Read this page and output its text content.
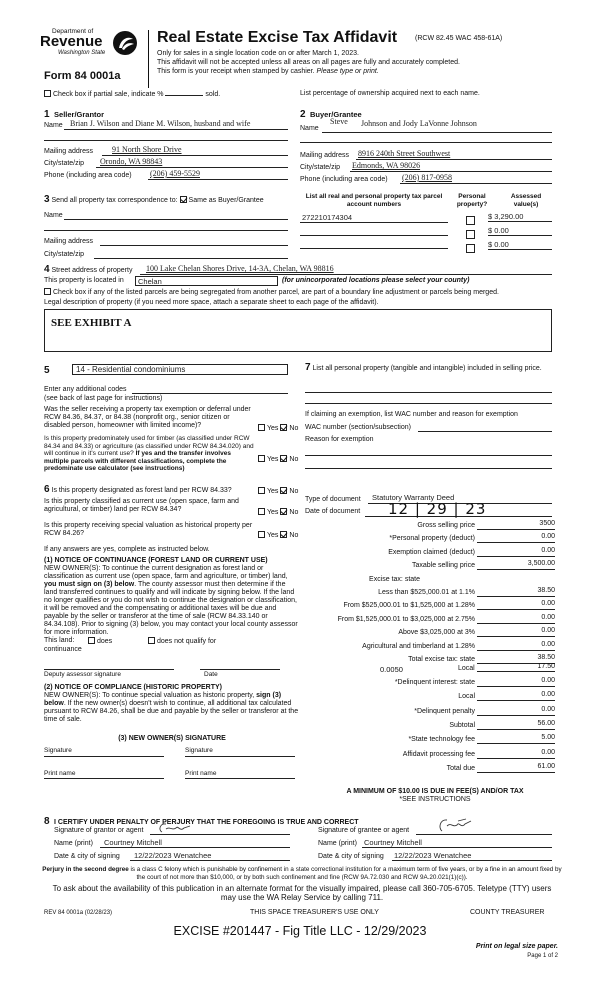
Department of
Revenue
Washington State
Form 84 0001a
Real Estate Excise Tax Affidavit	(RCW 82.45 WAC 458-61A)
Only for sales in a single location code on or after March 1, 2023.
This affidavit will not be accepted unless all areas on all pages are fully and accurately completed.
This form is your receipt when stamped by cashier. Please type or print.
Check box if partial sale, indicate %	sold.	List percentage of ownership acquired next to each name.
1 Seller/Grantor
Name Brian J. Wilson and Diane M. Wilson, husband and wife
Mailing address 91 North Shore Drive
City/state/zip Orondo, WA 98843
Phone (including area code) (206) 459-5529
2 Buyer/Grantee
Steve
Name
Johnson and Jody LaVonne Johnson
Mailing address 8916 240th Street Southwest
City/state/zip Edmonds, WA 98026
Phone (including area code) (206) 817-0958
3 Send all property tax correspondence to: Same as Buyer/Grantee
Name
Mailing address
City/state/zip
List all real and personal property tax parcel account numbers
Personal property?
Assessed value(s)
272210174304	$ 3,290.00
$ 0.00
$ 0.00
4 Street address of property 100 Lake Chelan Shores Drive, 14-3A, Chelan, WA 98816
This property is located in	Chelan	(for unincorporated locations please select your county)
Check box if any of the listed parcels are being segregated from another parcel, are part of a boundary line adjustment or parcels being merged.
Legal description of property (if you need more space, attach a separate sheet to each page of the affidavit).
SEE EXHIBIT A
5	14 - Residential condominiums
Enter any additional codes
(see back of last page for instructions)
Was the seller receiving a property tax exemption or deferral under RCW 84.36, 84.37, or 84.38 (nonprofit org., senior citizen or disabled person, homeowner with limited income)?	Yes No
Is this property predominately used for timber (as classified under RCW 84.34 and 84.33) or agriculture (as classified under RCW 84.34.020) and will continue in it's current use? If yes and the transfer involves multiple parcels with different classifications, complete the predominate use calculator (see instructions)
Yes No
6 Is this property designated as forest land per RCW 84.33?	Yes No
Is this property classified as current use (open space, farm and agricultural, or timber) land per RCW 84.34?	Yes No
Is this property receiving special valuation as historical property per RCW 84.26?	Yes No
If any answers are yes, complete as instructed below.
(1) NOTICE OF CONTINUANCE (FOREST LAND OR CURRENT USE)
NEW OWNER(S): To continue the current designation as forest land or classification as current use (open space, farm and agriculture, or timber) land, you must sign on (3) below. The county assessor must then determine if the land transferred continues to qualify and will indicate by signing below. If the land no longer qualifies or you do not wish to continue the designation or classification, it will be removed and the compensating or additional taxes will be due and payable by the seller or transferor at the time of sale (RCW 84.33.140 or 84.34.108). Prior to signing (3) below, you may contact your local county assessor for more information.
This land:	does	does not qualify for
continuance
Deputy assessor signature	Date
(2) NOTICE OF COMPLIANCE (HISTORIC PROPERTY)
NEW OWNER(S): To continue special valuation as historic property, sign (3) below. If the new owner(s) doesn't wish to continue, all additional tax calculated pursuant to RCW 84.26, shall be due and payable by the seller or transferor at the time of sale.
(3) NEW OWNER(S) SIGNATURE
Signature	Signature
Print name	Print name
7 List all personal property (tangible and intangible) included in selling price.
If claiming an exemption, list WAC number and reason for exemption
WAC number (section/subsection)
Reason for exemption
Type of document Statutory Warranty Deed
Date of document 12 | 29 | 23
Gross selling price	3500
*Personal property (deduct)	0.00
Exemption claimed (deduct)	0.00
Taxable selling price	3,500.00
Excise tax: state
Less than $525,000.01 at 1.1%	38.50
From $525,000.01 to $1,525,000 at 1.28%	0.00
From $1,525,000.01 to $3,025,000 at 2.75%	0.00
Above $3,025,000 at 3%	0.00
Agricultural and timberland at 1.28%	0.00
Total excise tax: state	38.50
0.0050	Local	17.50
*Delinquent interest: state	0.00
Local	0.00
*Delinquent penalty	0.00
Subtotal	56.00
*State technology fee	5.00
Affidavit processing fee	0.00
Total due	61.00
A MINIMUM OF $10.00 IS DUE IN FEE(S) AND/OR TAX
*SEE INSTRUCTIONS
8 I CERTIFY UNDER PENALTY OF PERJURY THAT THE FOREGOING IS TRUE AND CORRECT
Signature of grantor or agent
Name (print) Courtney Mitchell
Date & city of signing 12/22/2023 Wenatchee
Signature of grantee or agent
Name (print) Courtney Mitchell
Date & city of signing 12/22/2023 Wenatchee
Perjury in the second degree is a class C felony which is punishable by confinement in a state correctional institution for a maximum term of five years, or by a fine in an amount fixed by the court of not more than $10,000, or by both such confinement and fine (RCW 9A.72.030 and RCW 9A.20.021(1)(c)).
To ask about the availability of this publication in an alternate format for the visually impaired, please call 360-705-6705. Teletype (TTY) users may use the WA Relay Service by calling 711.
REV 84 0001a (02/28/23)	THIS SPACE TREASURER'S USE ONLY	COUNTY TREASURER
EXCISE #201447 - Fig Title LLC - 12/29/2023
Print on legal size paper.
Page 1 of 2
